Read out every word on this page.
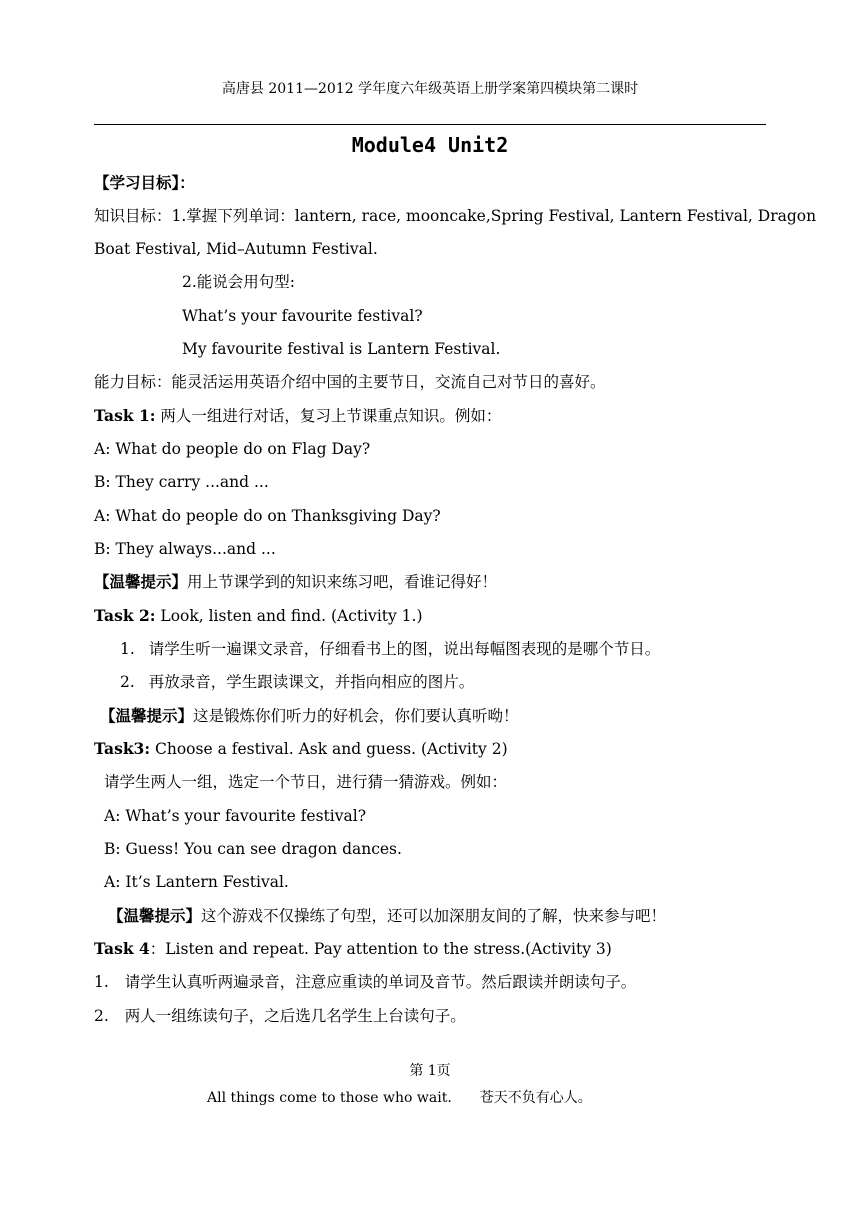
高唐县 2011—2012 学年度六年级英语上册学案第四模块第二课时
Module4 Unit2
【学习目标】：
知识目标：1.掌握下列单词：lantern, race, mooncake,Spring Festival, Lantern Festival, Dragon
Boat Festival, Mid–Autumn Festival.
2.能说会用句型:
What’s your favourite festival?
My favourite festival is Lantern Festival.
能力目标：能灵活运用英语介绍中国的主要节日，交流自己对节日的喜好。
Task 1: 两人一组进行对话，复习上节课重点知识。例如：
A: What do people do on Flag Day?
B: They carry ...and ...
A: What do people do on Thanksgiving Day?
B: They always...and ...
【温馨提示】用上节课学到的知识来练习吧，看谁记得好！
Task 2: Look, listen and find. (Activity 1.)
1. 请学生听一遍课文录音，仔细看书上的图，说出每幅图表现的是哪个节日。
2. 再放录音，学生跟读课文，并指向相应的图片。
【温馨提示】这是锻炼你们听力的好机会，你们要认真听呦！
Task3: Choose a festival. Ask and guess. (Activity 2)
请学生两人一组，选定一个节日，进行猜一猜游戏。例如：
A: What’s your favourite festival?
B: Guess! You can see dragon dances.
A: It’s Lantern Festival.
【温馨提示】这个游戏不仅操练了句型，还可以加深朋友间的了解，快来参与吧！
Task 4：Listen and repeat. Pay attention to the stress.(Activity 3)
1. 请学生认真听两遍录音，注意应重读的单词及音节。然后跟读并朗读句子。
2. 两人一组练读句子，之后选几名学生上台读句子。
第 1页
All things come to those who wait. 苍天不负有心人。
